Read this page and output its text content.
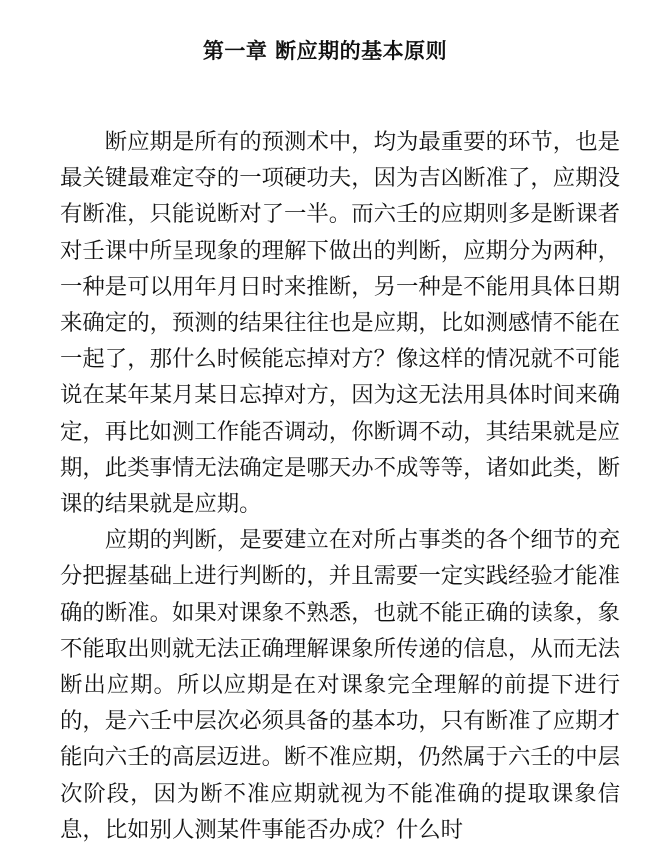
第一章 断应期的基本原则

断应期是所有的预测术中，均为最重要的环节，也是最关键最难定夺的一项硬功夫，因为吉凶断准了，应期没有断准，只能说断对了一半。而六壬的应期则多是断课者对壬课中所呈现象的理解下做出的判断，应期分为两种，一种是可以用年月日时来推断，另一种是不能用具体日期来确定的，预测的结果往往也是应期，比如测感情不能在一起了，那什么时候能忘掉对方？像这样的情况就不可能说在某年某月某日忘掉对方，因为这无法用具体时间来确定，再比如测工作能否调动，你断调不动，其结果就是应期，此类事情无法确定是哪天办不成等等，诸如此类，断课的结果就是应期。

应期的判断，是要建立在对所占事类的各个细节的充分把握基础上进行判断的，并且需要一定实践经验才能准确的断准。如果对课象不熟悉，也就不能正确的读象，象不能取出则就无法正确理解课象所传递的信息，从而无法断出应期。所以应期是在对课象完全理解的前提下进行的，是六壬中层次必须具备的基本功，只有断准了应期才能向六壬的高层迈进。断不准应期，仍然属于六壬的中层次阶段，因为断不准应期就视为不能准确的提取课象信息，比如别人测某件事能否办成？什么时
